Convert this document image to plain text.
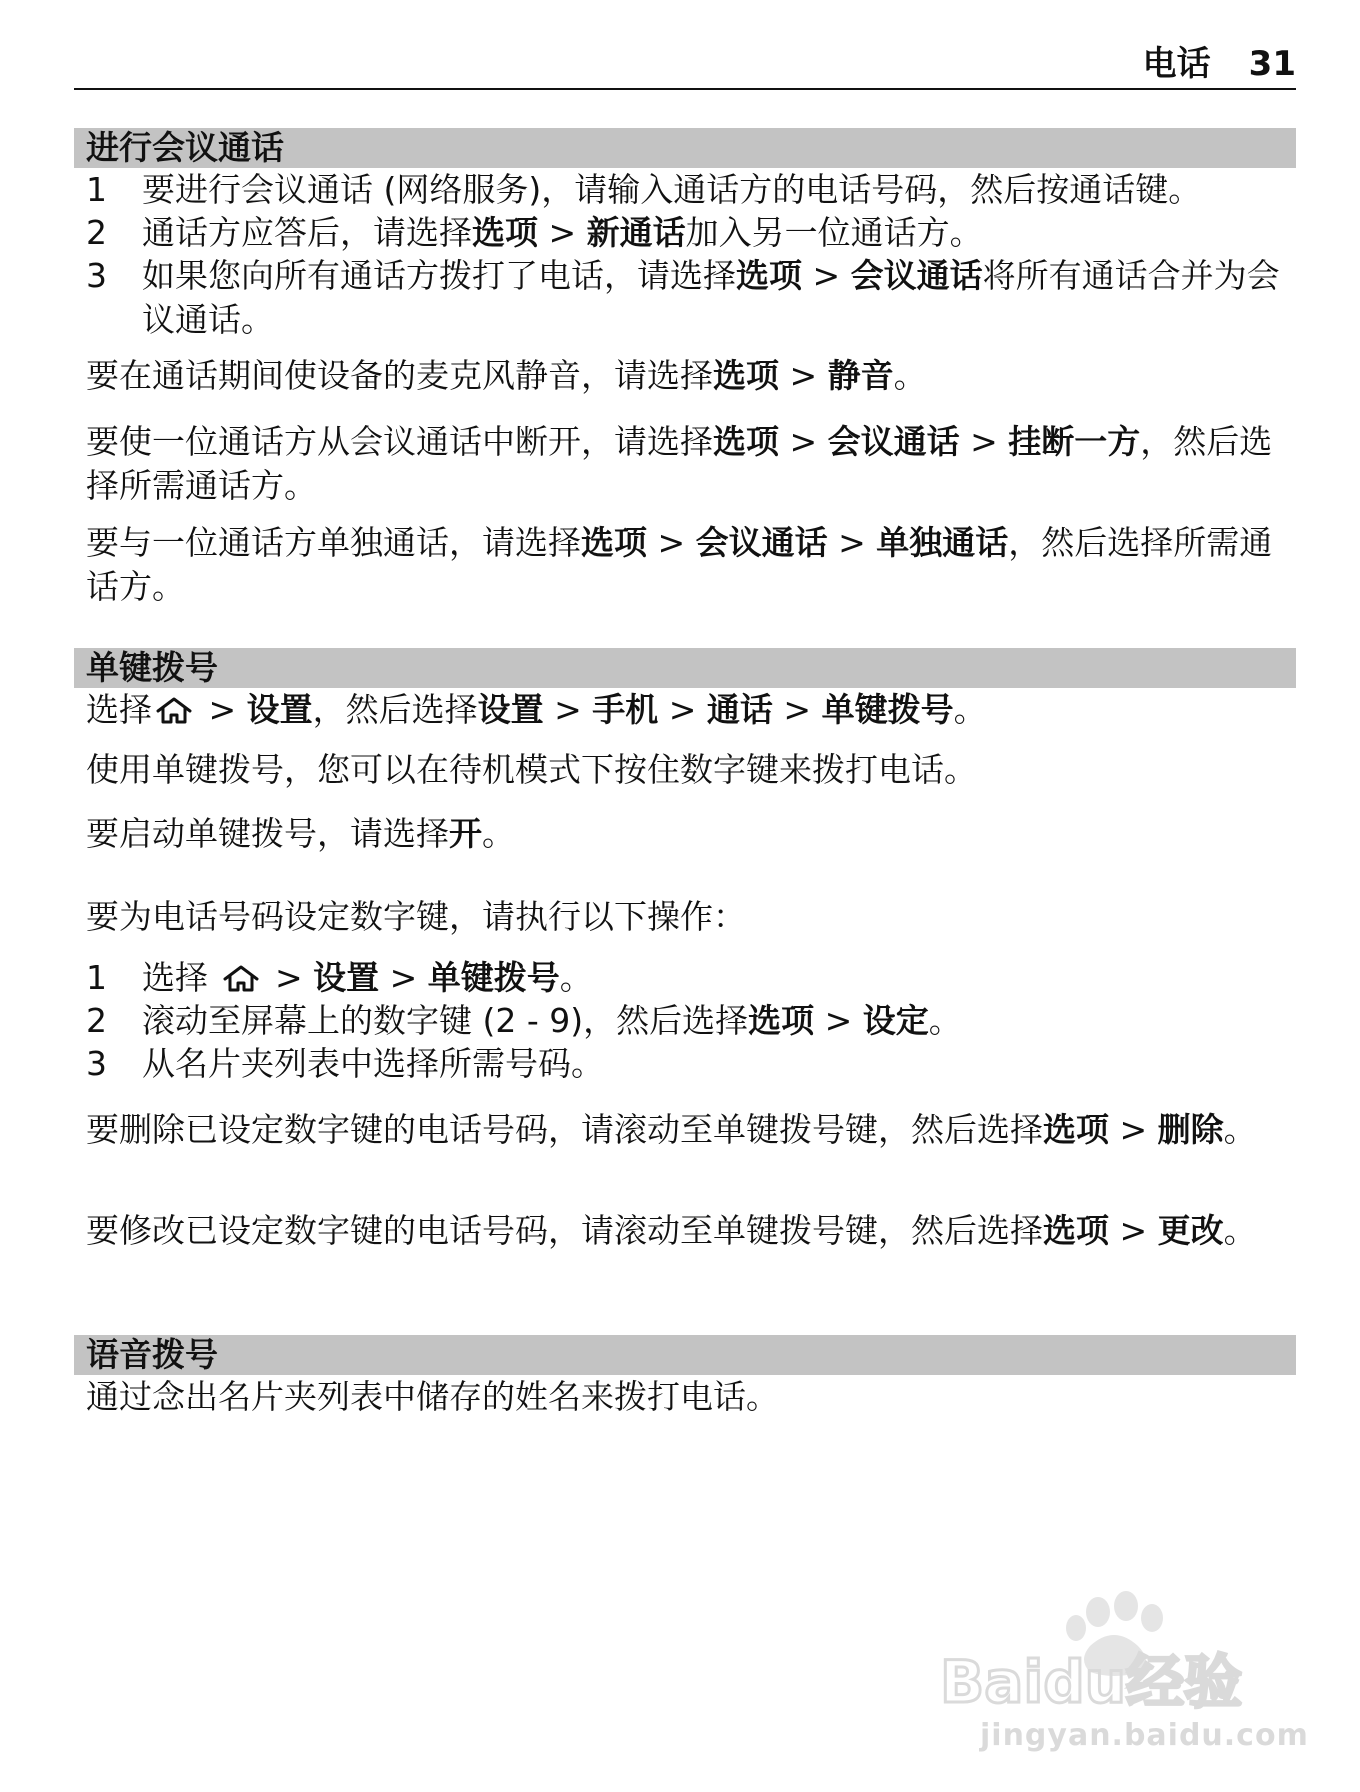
电话 31
进行会议通话
1	要进行会议通话 (网络服务)，请输入通话方的电话号码，然后按通话键。
2	通话方应答后，请选择选项 > 新通话加入另一位通话方。
3	如果您向所有通话方拨打了电话，请选择选项 > 会议通话将所有通话合并为会议通话。
要在通话期间使设备的麦克风静音，请选择选项 > 静音。
要使一位通话方从会议通话中断开，请选择选项 > 会议通话 > 挂断一方，然后选择所需通话方。
要与一位通话方单独通话，请选择选项 > 会议通话 > 单独通话，然后选择所需通话方。
单键拨号
选择 > 设置，然后选择设置 > 手机 > 通话 > 单键拨号。
使用单键拨号，您可以在待机模式下按住数字键来拨打电话。
要启动单键拨号，请选择开。
要为电话号码设定数字键，请执行以下操作：
1	选择  > 设置 > 单键拨号。
2	滚动至屏幕上的数字键 (2 - 9)，然后选择选项 > 设定。
3	从名片夹列表中选择所需号码。
要删除已设定数字键的电话号码，请滚动至单键拨号键，然后选择选项 > 删除。
要修改已设定数字键的电话号码，请滚动至单键拨号键，然后选择选项 > 更改。
语音拨号
通过念出名片夹列表中储存的姓名来拨打电话。
Baidu经验
jingyan.baidu.com
